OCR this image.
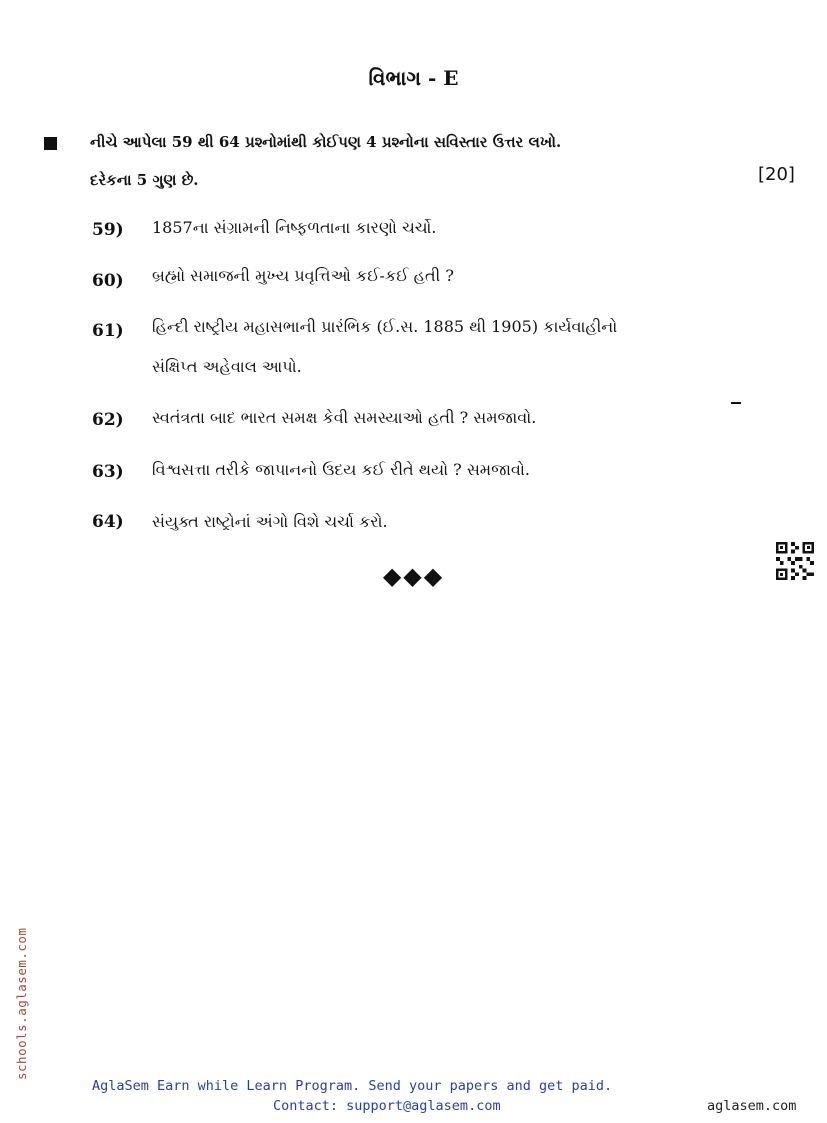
વિભાગ - E
નીચે આપેલા 59 થી 64 પ્રશ્નોમાંથી કોઈપણ 4 પ્રશ્નોના સવિસ્તાર ઉત્તર લખો.
દરેકના 5 ગુણ છે.	[20]
59) 1857ના સંગ્રામની નિષ્ફળતાના કારણો ચર્ચો.
60) બ્રહ્મો સમાજની મુખ્ય પ્રવૃત્તિઓ કઈ-કઈ હતી ?
61) હિન્દી રાષ્ટ્રીય મહાસભાની પ્રારંભિક (ઈ.સ. 1885 થી 1905) કાર્યવાહીનો
સંક્ષિપ્ત અહેવાલ આપો.
62) સ્વતંત્રતા બાદ ભારત સમક્ષ કેવી સમસ્યાઓ હતી ? સમજાવો.
63) વિશ્વસત્તા તરીકે જાપાનનો ઉદય કઈ રીતે થયો ? સમજાવો.
64) સંયુક્ત રાષ્ટ્રોનાં અંગો વિશે ચર્ચા કરો.
◆◆◆
schools.aglasem.com
AglaSem Earn while Learn Program. Send your papers and get paid.
Contact: support@aglasem.com	aglasem.com
